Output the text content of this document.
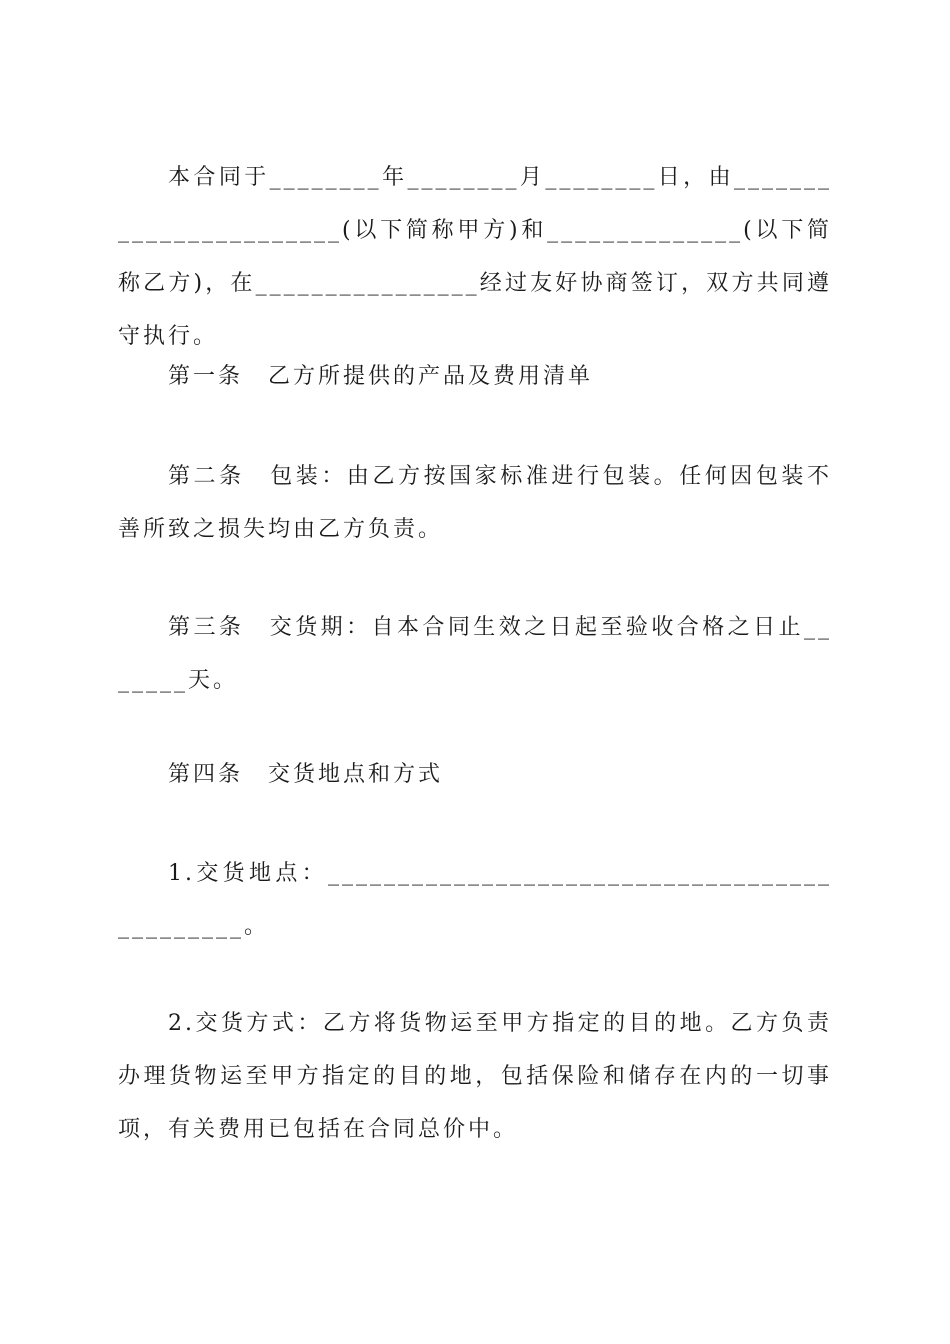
本合同于________年________月________日，由_______________________(以下简称甲方)和______________(以下简称乙方)，在________________经过友好协商签订，双方共同遵守执行。

第一条　乙方所提供的产品及费用清单

第二条　包装：由乙方按国家标准进行包装。任何因包装不善所致之损失均由乙方负责。

第三条　交货期：自本合同生效之日起至验收合格之日止_______天。

第四条　交货地点和方式

1.交货地点：_____________________________________________。

2.交货方式：乙方将货物运至甲方指定的目的地。乙方负责办理货物运至甲方指定的目的地，包括保险和储存在内的一切事项，有关费用已包括在合同总价中。
